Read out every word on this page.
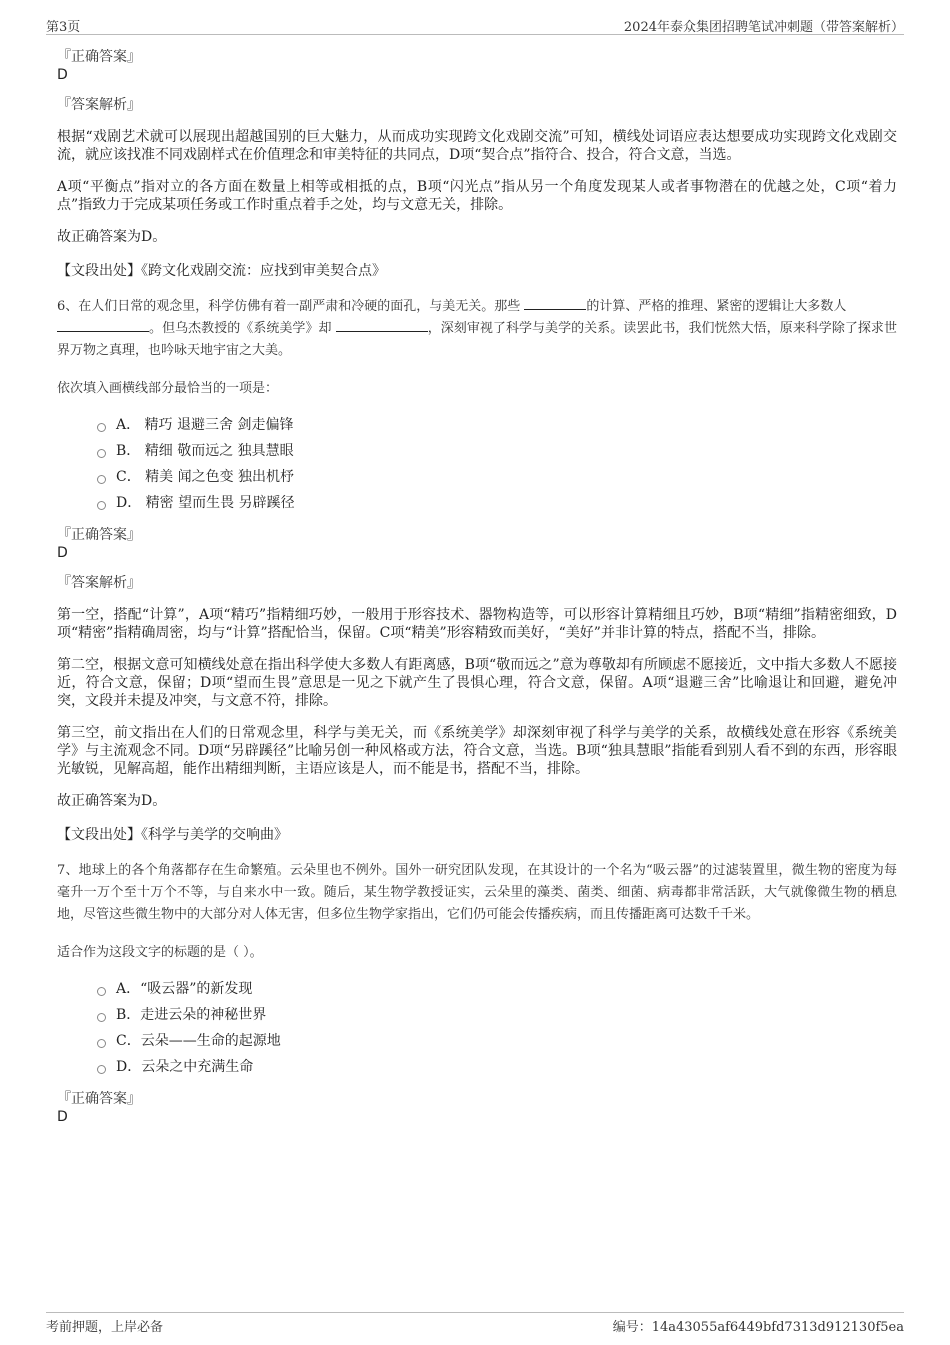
第3页	2024年泰众集团招聘笔试冲刺题（带答案解析）
『正确答案』
D
『答案解析』

根据“戏剧艺术就可以展现出超越国别的巨大魅力，从而成功实现跨文化戏剧交流”可知，横线处词语应表达想要成功实现跨文化戏剧交流，就应该找准不同戏剧样式在价值理念和审美特征的共同点，D项“契合点”指符合、投合，符合文意，当选。

A项“平衡点”指对立的各方面在数量上相等或相抵的点，B项“闪光点”指从另一个角度发现某人或者事物潜在的优越之处，C项“着力点”指致力于完成某项任务或工作时重点着手之处，均与文意无关，排除。

故正确答案为D。

【文段出处】《跨文化戏剧交流：应找到审美契合点》
6、在人们日常的观念里，科学仿佛有着一副严肃和冷硬的面孔，与美无关。那些	的计算、严格的推理、紧密的逻辑让大多数人
。但乌杰教授的《系统美学》却	，深刻审视了科学与美学的关系。读罢此书，我们恍然大悟，原来科学除了探求世界万物之真理，也吟咏天地宇宙之大美。
依次填入画横线部分最恰当的一项是：
A． 精巧 退避三舍 剑走偏锋
B． 精细 敬而远之 独具慧眼
C． 精美 闻之色变 独出机杼
D． 精密 望而生畏 另辟蹊径
『正确答案』
D
『答案解析』

第一空，搭配“计算”，A项“精巧”指精细巧妙，一般用于形容技术、器物构造等，可以形容计算精细且巧妙，B项“精细”指精密细致，D项“精密”指精确周密，均与“计算”搭配恰当，保留。C项“精美”形容精致而美好，“美好”并非计算的特点，搭配不当，排除。

第二空，根据文意可知横线处意在指出科学使大多数人有距离感，B项“敬而远之”意为尊敬却有所顾虑不愿接近，文中指大多数人不愿接近，符合文意，保留；D项“望而生畏”意思是一见之下就产生了畏惧心理，符合文意，保留。A项“退避三舍”比喻退让和回避，避免冲突，文段并未提及冲突，与文意不符，排除。

第三空，前文指出在人们的日常观念里，科学与美无关，而《系统美学》却深刻审视了科学与美学的关系，故横线处意在形容《系统美学》与主流观念不同。D项“另辟蹊径”比喻另创一种风格或方法，符合文意，当选。B项“独具慧眼”指能看到别人看不到的东西，形容眼光敏锐，见解高超，能作出精细判断，主语应该是人，而不能是书，搭配不当，排除。

故正确答案为D。

【文段出处】《科学与美学的交响曲》
7、地球上的各个角落都存在生命繁殖。云朵里也不例外。国外一研究团队发现，在其设计的一个名为“吸云器”的过滤装置里，微生物的密度为每毫升一万个至十万个不等，与自来水中一致。随后，某生物学教授证实，云朵里的藻类、菌类、细菌、病毒都非常活跃，大气就像微生物的栖息地，尽管这些微生物中的大部分对人体无害，但多位生物学家指出，它们仍可能会传播疾病，而且传播距离可达数千千米。
适合作为这段文字的标题的是（ ）。
A．“吸云器”的新发现
B．走进云朵的神秘世界
C．云朵——生命的起源地
D．云朵之中充满生命
『正确答案』
D
考前押题，上岸必备	编号：14a43055af6449bfd7313d912130f5ea
